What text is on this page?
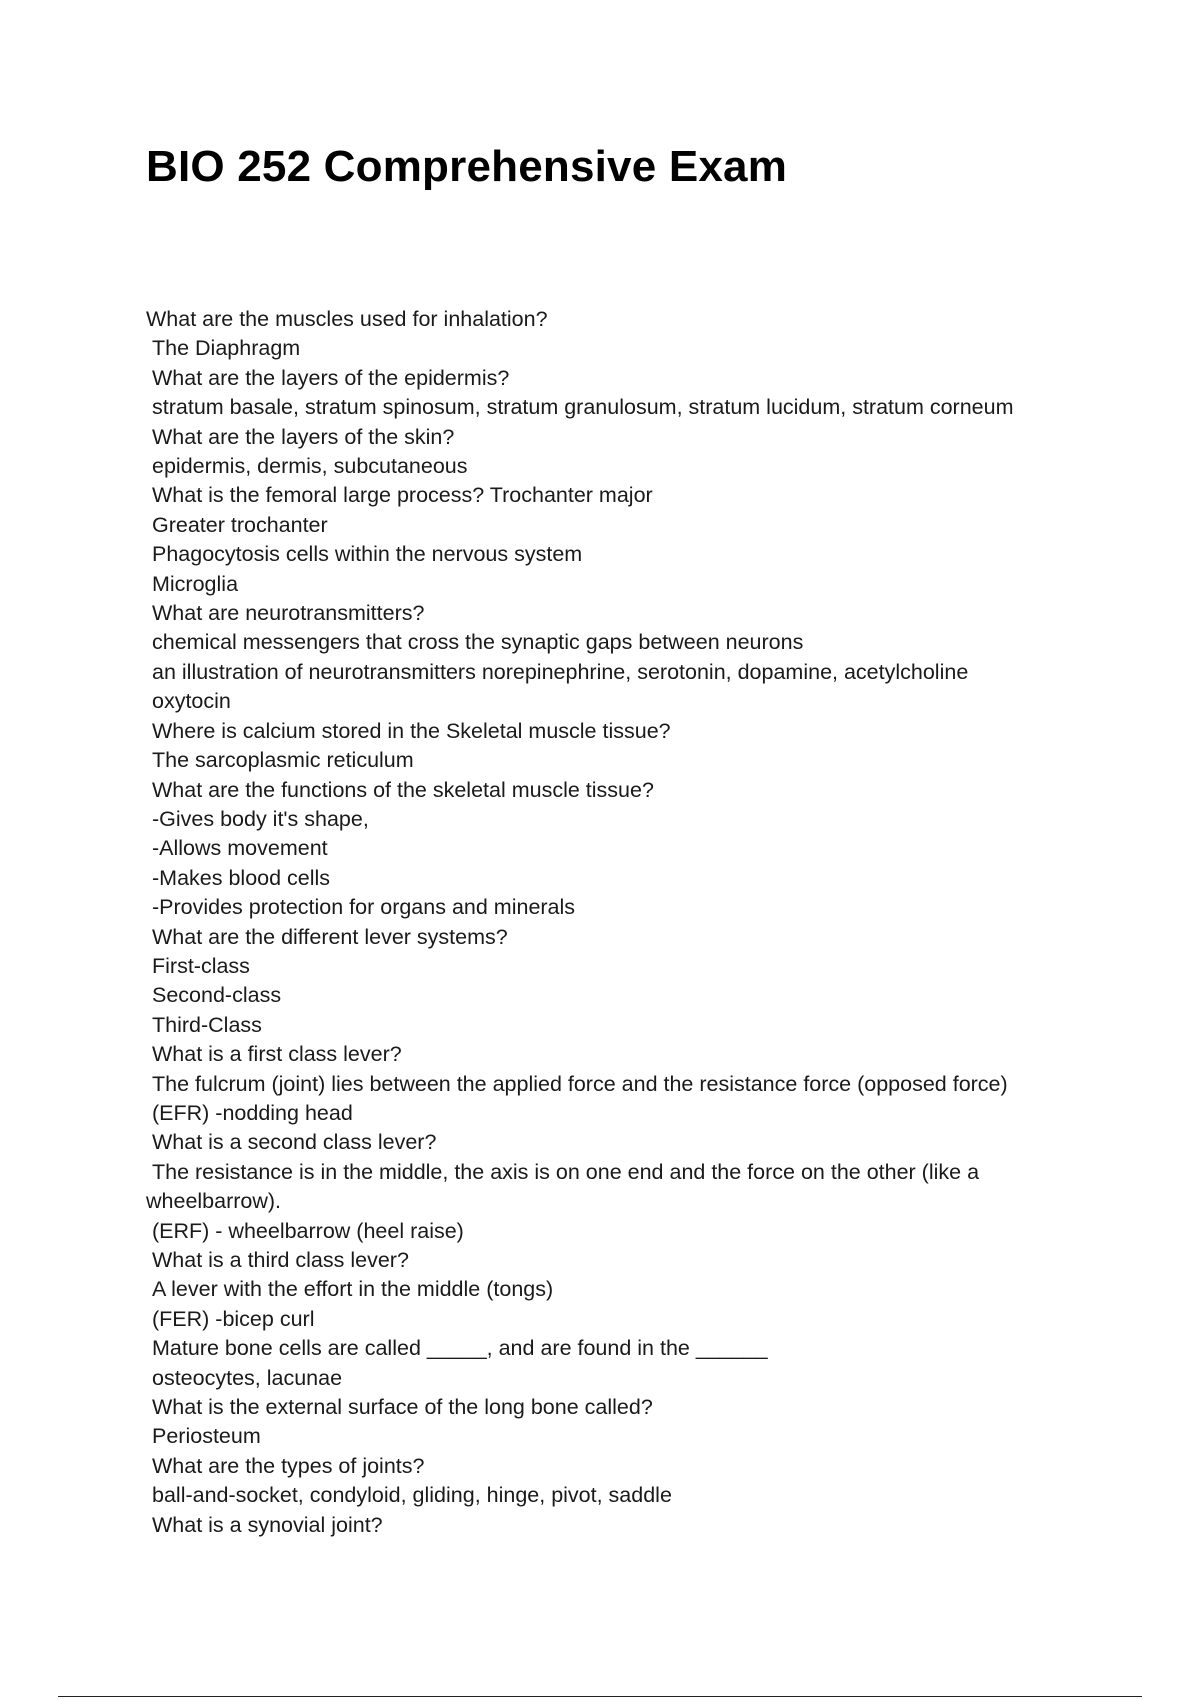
BIO 252 Comprehensive Exam

What are the muscles used for inhalation?

The Diaphragm

What are the layers of the epidermis?

stratum basale, stratum spinosum, stratum granulosum, stratum lucidum, stratum corneum

What are the layers of the skin?

epidermis, dermis, subcutaneous

What is the femoral large process? Trochanter major

Greater trochanter

Phagocytosis cells within the nervous system

Microglia

What are neurotransmitters?

chemical messengers that cross the synaptic gaps between neurons

an illustration of neurotransmitters norepinephrine, serotonin, dopamine, acetylcholine

oxytocin

Where is calcium stored in the Skeletal muscle tissue?

The sarcoplasmic reticulum

What are the functions of the skeletal muscle tissue?

-Gives body it's shape,

-Allows movement

-Makes blood cells

-Provides protection for organs and minerals

What are the different lever systems?

First-class

Second-class

Third-Class

What is a first class lever?

The fulcrum (joint) lies between the applied force and the resistance force (opposed force)

(EFR) -nodding head

What is a second class lever?

The resistance is in the middle, the axis is on one end and the force on the other (like a

wheelbarrow).

(ERF) - wheelbarrow (heel raise)

What is a third class lever?

A lever with the effort in the middle (tongs)

(FER) -bicep curl

Mature bone cells are called _____, and are found in the ______

osteocytes, lacunae

What is the external surface of the long bone called?

Periosteum

What are the types of joints?

ball-and-socket, condyloid, gliding, hinge, pivot, saddle

What is a synovial joint?
